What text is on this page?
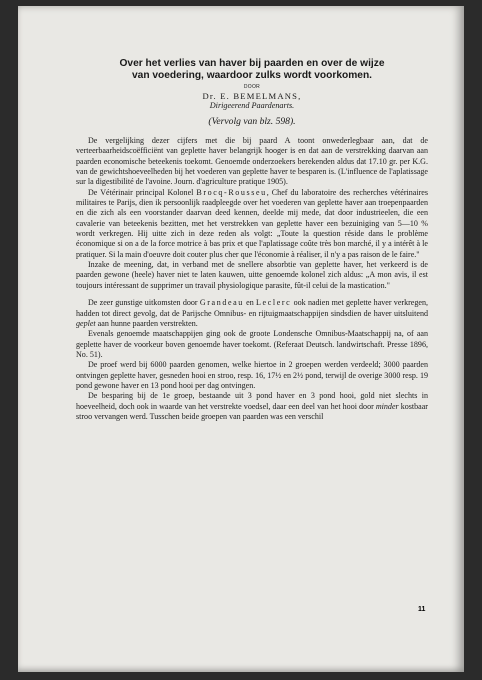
Over het verlies van haver bij paarden en over de wijze
van voedering, waardoor zulks wordt voorkomen.
DOOR
Dr. E. BEMELMANS,
Dirigeerend Paardenarts.
(Vervolg van blz. 598).

De vergelijking dezer cijfers met die bij paard A toont onwederlegbaar aan, dat de verteerbaarheidscoëfficiënt van geplette haver belangrijk hooger is en dat aan de verstrekking daarvan aan paarden economische beteekenis toekomt. Genoemde onderzoekers berekenden aldus dat 17.10 gr. per K.G. van de gewichtshoeveelheden bij het voederen van geplette haver te besparen is. (L'influence de l'aplatissage sur la digestibilité de l'avoine. Journ. d'agriculture pratique 1905).

De Vétérinair principal Kolonel Brocq-Rousseu, Chef du laboratoire des recherches vétérinaires militaires te Parijs, dien ik persoonlijk raadpleegde over het voederen van geplette haver aan troepenpaarden en die zich als een voorstander daarvan deed kennen, deelde mij mede, dat door industrieelen, die een cavalerie van beteekenis bezitten, met het verstrekken van geplette haver een bezuiniging van 5—10 % wordt verkregen. Hij uitte zich in deze reden als volgt: „Toute la question réside dans le problème économique si on a de la force motrice à bas prix et que l'aplatissage coûte très bon marché, il y a intérêt à le pratiquer. Si la main d'oeuvre doit couter plus cher que l'économie à réaliser, il n'y a pas raison de le faire."

Inzake de meening, dat, in verband met de snellere absorbtie van geplette haver, het verkeerd is de paarden gewone (heele) haver niet te laten kauwen, uitte genoemde kolonel zich aldus: „A mon avis, il est toujours intéressant de supprimer un travail physiologique parasite, fût-il celui de la mastication."

De zeer gunstige uitkomsten door Grandeau en Leclerc ook nadien met geplette haver verkregen, hadden tot direct gevolg, dat de Parijsche Omnibus- en rijtuigmaatschappijen sindsdien de haver uitsluitend geplet aan hunne paarden verstrekten.

Evenals genoemde maatschappijen ging ook de groote Londensche Omnibus-Maatschappij na, of aan geplette haver de voorkeur boven genoemde haver toekomt. (Referaat Deutsch. landwirtschaft. Presse 1896, No. 51).

De proef werd bij 6000 paarden genomen, welke hiertoe in 2 groepen werden verdeeld; 3000 paarden ontvingen geplette haver, gesneden hooi en stroo, resp. 16, 17½ en 2½ pond, terwijl de overige 3000 resp. 19 pond gewone haver en 13 pond hooi per dag ontvingen.

De besparing bij de 1e groep, bestaande uit 3 pond haver en 3 pond hooi, gold niet slechts in hoeveelheid, doch ook in waarde van het verstrekte voedsel, daar een deel van het hooi door minder kostbaar stroo vervangen werd. Tusschen beide groepen van paarden was een verschil

11
